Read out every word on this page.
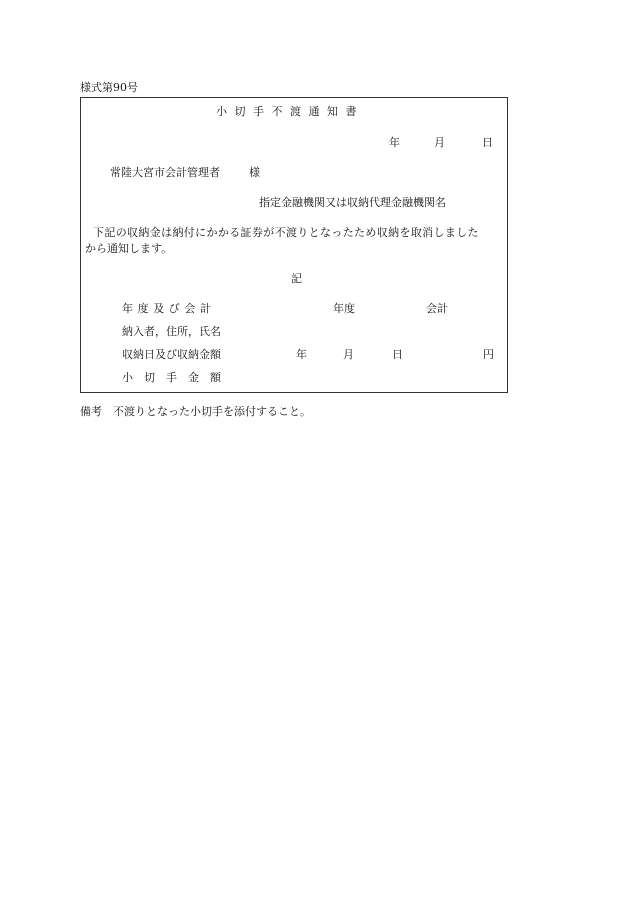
様式第90号
小切手不渡通知書
年	月	日
常陸大宮市会計管理者	様
指定金融機関又は収納代理金融機関名
下記の収納金は納付にかかる証券が不渡りとなったため収納を取消しました
から通知します。
記
年度及び会計	年度	会計
納入者，住所，氏名
収納日及び収納金額	年	月	日	円
小切手金額
備考 不渡りとなった小切手を添付すること。
